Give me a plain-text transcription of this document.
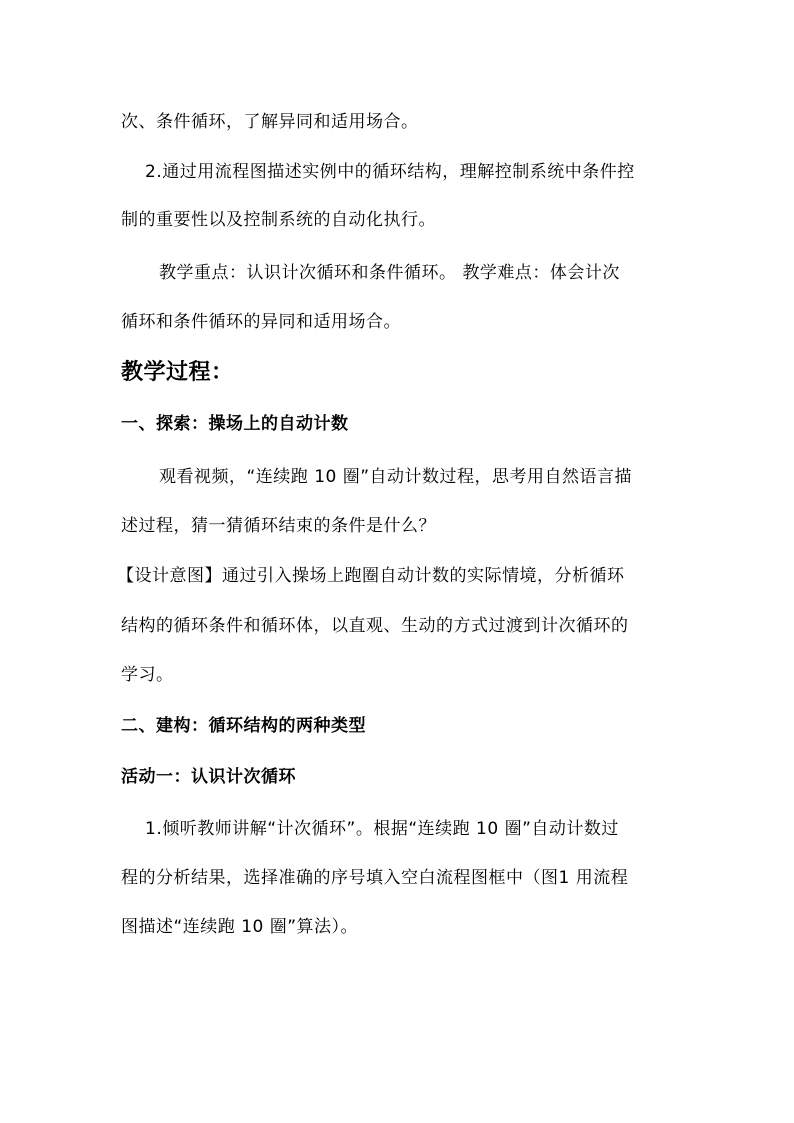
次、条件循环，了解异同和适用场合。
2.通过用流程图描述实例中的循环结构，理解控制系统中条件控
制的重要性以及控制系统的自动化执行。
教学重点：认识计次循环和条件循环。 教学难点：体会计次
循环和条件循环的异同和适用场合。
教学过程：
一、探索：操场上的自动计数
观看视频，“连续跑 10 圈”自动计数过程，思考用自然语言描
述过程，猜一猜循环结束的条件是什么？
【设计意图】通过引入操场上跑圈自动计数的实际情境，分析循环
结构的循环条件和循环体，以直观、生动的方式过渡到计次循环的
学习。
二、建构：循环结构的两种类型
活动一：认识计次循环
1.倾听教师讲解“计次循环”。根据“连续跑 10 圈”自动计数过
程的分析结果，选择准确的序号填入空白流程图框中（图1 用流程
图描述“连续跑 10 圈”算法）。
